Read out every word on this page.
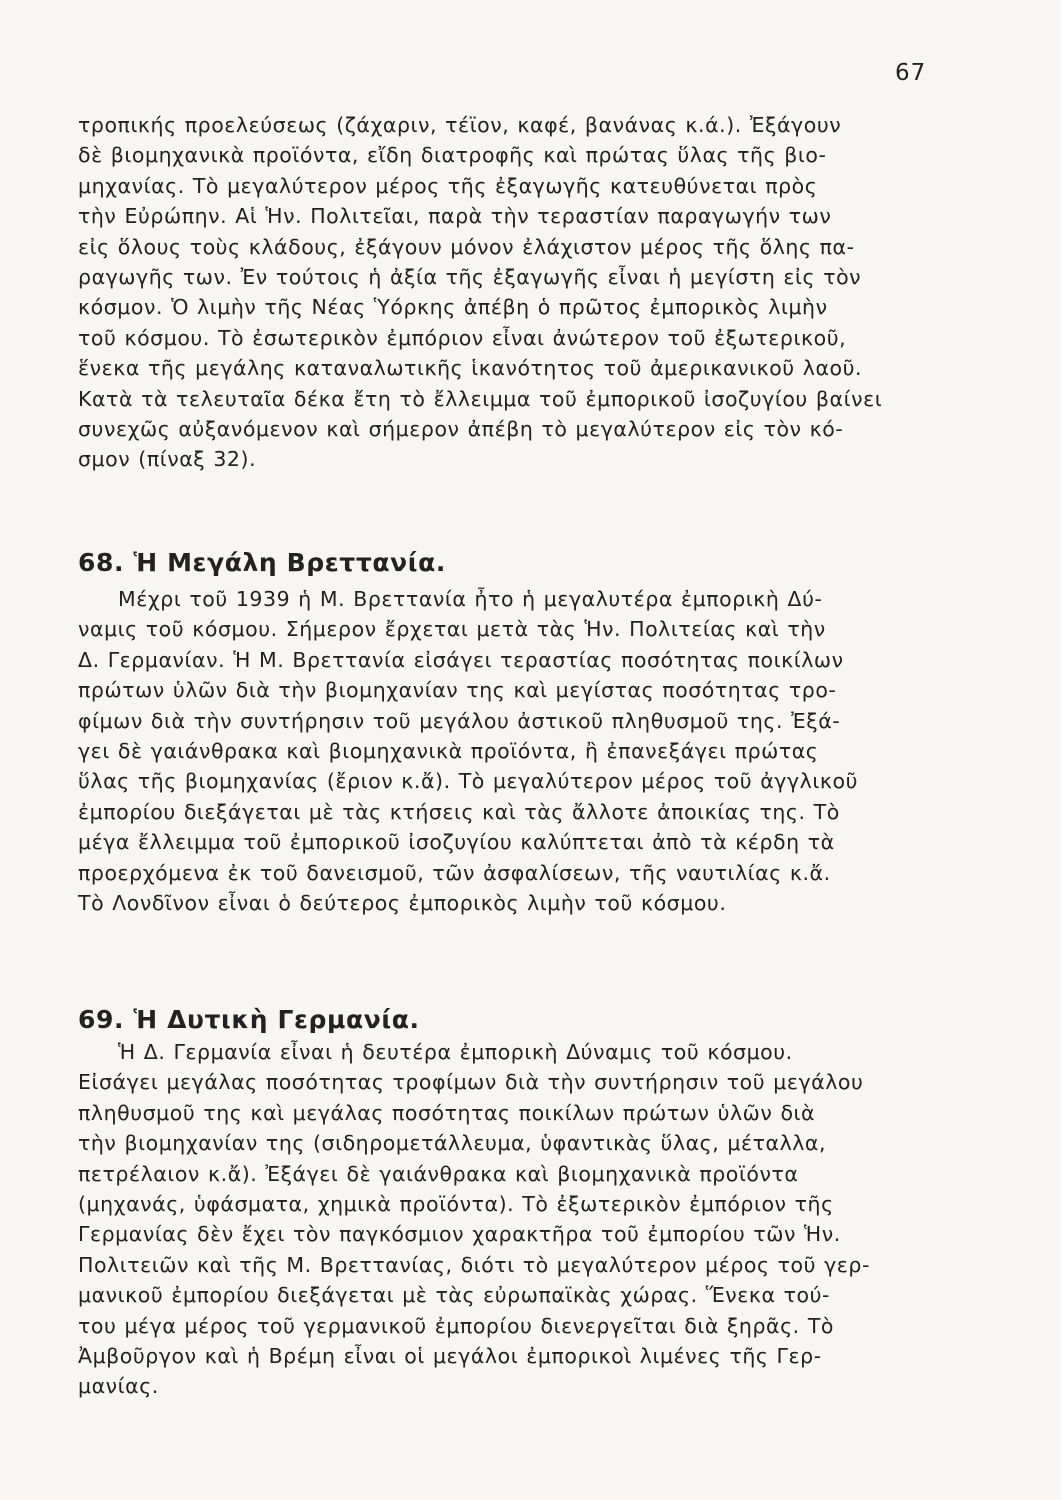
67
τροπικής προελεύσεως (ζάχαριν, τέϊον, καφέ, βανάνας κ.ά.). Ἐξάγουν
δὲ βιομηχανικὰ προϊόντα, εἴδη διατροφῆς καὶ πρώτας ὕλας τῆς βιο-
μηχανίας. Τὸ μεγαλύτερον μέρος τῆς ἐξαγωγῆς κατευθύνεται πρὸς
τὴν Εὐρώπην. Αἱ Ἡν. Πολιτεῖαι, παρὰ τὴν τεραστίαν παραγωγήν των
εἰς ὅλους τοὺς κλάδους, ἐξάγουν μόνον ἐλάχιστον μέρος τῆς ὅλης πα-
ραγωγῆς των. Ἐν τούτοις ἡ ἀξία τῆς ἐξαγωγῆς εἶναι ἡ μεγίστη εἰς τὸν
κόσμον. Ὁ λιμὴν τῆς Νέας Ὑόρκης ἀπέβη ὁ πρῶτος ἐμπορικὸς λιμὴν
τοῦ κόσμου. Τὸ ἐσωτερικὸν ἐμπόριον εἶναι ἀνώτερον τοῦ ἐξωτερικοῦ,
ἕνεκα τῆς μεγάλης καταναλωτικῆς ἱκανότητος τοῦ ἀμερικανικοῦ λαοῦ.
Κατὰ τὰ τελευταῖα δέκα ἔτη τὸ ἔλλειμμα τοῦ ἐμπορικοῦ ἰσοζυγίου βαίνει
συνεχῶς αὐξανόμενον καὶ σήμερον ἀπέβη τὸ μεγαλύτερον εἰς τὸν κό-
σμον (πίναξ 32).
68. Ἡ Μεγάλη Βρεττανία.
Μέχρι τοῦ 1939 ἡ Μ. Βρεττανία ἦτο ἡ μεγαλυτέρα ἐμπορικὴ Δύ-
ναμις τοῦ κόσμου. Σήμερον ἔρχεται μετὰ τὰς Ἡν. Πολιτείας καὶ τὴν
Δ. Γερμανίαν. Ἡ Μ. Βρεττανία εἰσάγει τεραστίας ποσότητας ποικίλων
πρώτων ὑλῶν διὰ τὴν βιομηχανίαν της καὶ μεγίστας ποσότητας τρο-
φίμων διὰ τὴν συντήρησιν τοῦ μεγάλου ἀστικοῦ πληθυσμοῦ της. Ἐξά-
γει δὲ γαιάνθρακα καὶ βιομηχανικὰ προϊόντα, ἢ ἐπανεξάγει πρώτας
ὕλας τῆς βιομηχανίας (ἔριον κ.ἄ). Τὸ μεγαλύτερον μέρος τοῦ ἀγγλικοῦ
ἐμπορίου διεξάγεται μὲ τὰς κτήσεις καὶ τὰς ἄλλοτε ἀποικίας της. Τὸ
μέγα ἔλλειμμα τοῦ ἐμπορικοῦ ἰσοζυγίου καλύπτεται ἀπὸ τὰ κέρδη τὰ
προερχόμενα ἐκ τοῦ δανεισμοῦ, τῶν ἀσφαλίσεων, τῆς ναυτιλίας κ.ἄ.
Τὸ Λονδῖνον εἶναι ὁ δεύτερος ἐμπορικὸς λιμὴν τοῦ κόσμου.
69. Ἡ Δυτικὴ Γερμανία.
Ἡ Δ. Γερμανία εἶναι ἡ δευτέρα ἐμπορικὴ Δύναμις τοῦ κόσμου.
Εἰσάγει μεγάλας ποσότητας τροφίμων διὰ τὴν συντήρησιν τοῦ μεγάλου
πληθυσμοῦ της καὶ μεγάλας ποσότητας ποικίλων πρώτων ὑλῶν διὰ
τὴν βιομηχανίαν της (σιδηρομετάλλευμα, ὑφαντικὰς ὕλας, μέταλλα,
πετρέλαιον κ.ἄ). Ἐξάγει δὲ γαιάνθρακα καὶ βιομηχανικὰ προϊόντα
(μηχανάς, ὑφάσματα, χημικὰ προϊόντα). Τὸ ἐξωτερικὸν ἐμπόριον τῆς
Γερμανίας δὲν ἔχει τὸν παγκόσμιον χαρακτῆρα τοῦ ἐμπορίου τῶν Ἡν.
Πολιτειῶν καὶ τῆς Μ. Βρεττανίας, διότι τὸ μεγαλύτερον μέρος τοῦ γερ-
μανικοῦ ἐμπορίου διεξάγεται μὲ τὰς εὐρωπαϊκὰς χώρας. Ἕνεκα τού-
του μέγα μέρος τοῦ γερμανικοῦ ἐμπορίου διενεργεῖται διὰ ξηρᾶς. Τὸ
Ἀμβοῦργον καὶ ἡ Βρέμη εἶναι οἱ μεγάλοι ἐμπορικοὶ λιμένες τῆς Γερ-
μανίας.
